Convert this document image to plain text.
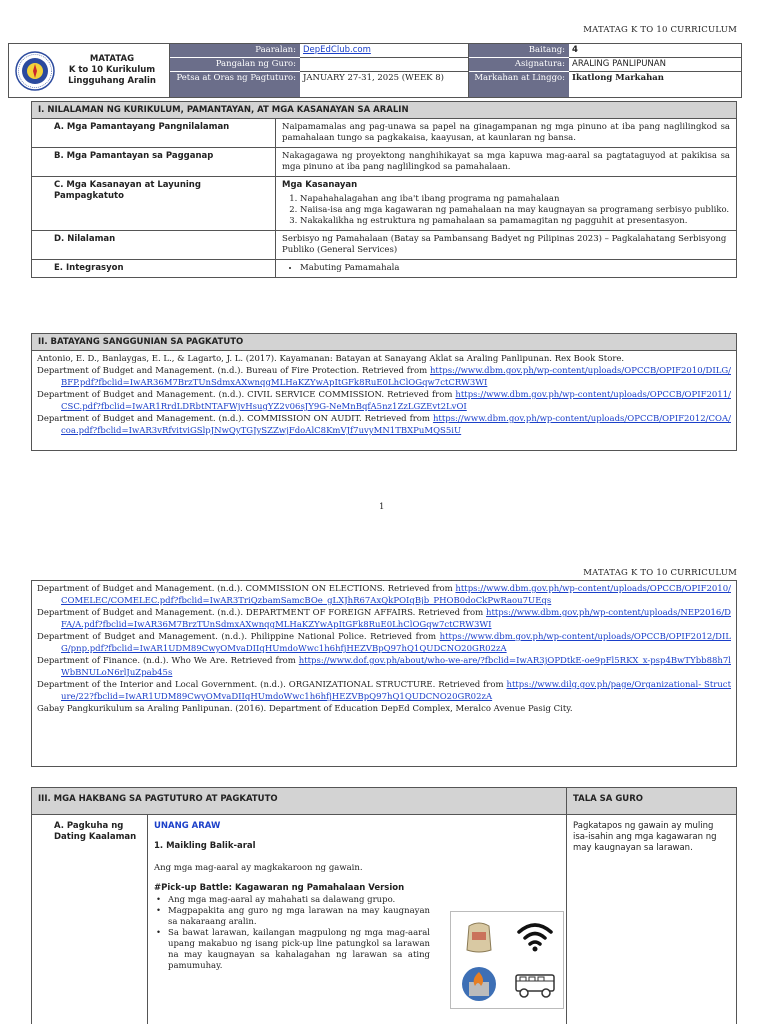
MATATAG K TO 10 CURRICULUM
MATATAG
K to 10 Kurikulum
Lingguhang Aralin
Paaralan: DepEdClub.com
Pangalan ng Guro:
Petsa at Oras ng Pagtuturo: JANUARY 27-31, 2025 (WEEK 8)
Baitang: 4
Asignatura: ARALING PANLIPUNAN
Markahan at Linggo: Ikatlong Markahan
I. NILALAMAN NG KURIKULUM, PAMANTAYAN, AT MGA KASANAYAN SA ARALIN
A. Mga Pamantayang Pangnilalaman	Naipamamalas ang pag-unawa sa papel na ginagampanan ng mga pinuno at iba pang naglilingkod sa pamahalaan tungo sa pagkakaisa, kaayusan, at kaunlaran ng bansa.
B. Mga Pamantayan sa Pagganap	Nakagagawa ng proyektong nanghihikayat sa mga kapuwa mag-aaral sa pagtataguyod at pakikisa sa mga pinuno at iba pang naglilingkod sa pamahalaan.
C. Mga Kasanayan at Layuning Pampagkatuto
Mga Kasanayan
1. Napahahalagahan ang iba't ibang programa ng pamahalaan
2. Naiisa-isa ang mga kagawaran ng pamahalaan na may kaugnayan sa programang serbisyo publiko.
3. Nakakalikha ng estruktura ng pamahalaan sa pamamagitan ng pagguhit at presentasyon.
D. Nilalaman	Serbisyo ng Pamahalaan (Batay sa Pambansang Badyet ng Pilipinas 2023) – Pagkalahatang Serbisyong Publiko (General Services)
E. Integrasyon
•	Mabuting Pamamahala
II. BATAYANG SANGGUNIAN SA PAGKATUTO
Antonio, E. D., Banlaygas, E. L., & Lagarto, J. L. (2017). Kayamanan: Batayan at Sanayang Aklat sa Araling Panlipunan. Rex Book Store.
Department of Budget and Management. (n.d.). Bureau of Fire Protection. Retrieved from https://www.dbm.gov.ph/wp-content/uploads/OPCCB/OPIF2010/DILG/BFP.pdf?fbclid=IwAR36M7BrzTUnSdmxAXwnqgMLHaKZYwApItGFk8RuE0LhClOGqw7ctCRW3WI
Department of Budget and Management. (n.d.). CIVIL SERVICE COMMISSION. Retrieved from https://www.dbm.gov.ph/wp-content/uploads/OPCCB/OPIF2011/CSC.pdf?fbclid=IwAR1RrdLDRbtNTAFWjvHsugYZ2v06sJY9G-NeMnBqfA5nz1ZzLGZEvt2LvOI
Department of Budget and Management. (n.d.). COMMISSION ON AUDIT. Retrieved from https://www.dbm.gov.ph/wp-content/uploads/OPCCB/OPIF2012/COA/coa.pdf?fbclid=IwAR3vRfvitviGSlpJNwQyTGJySZZwjFdoAlC8KmVJf7uvyMN1TBXPuMQS5iU
1
MATATAG K TO 10 CURRICULUM
Department of Budget and Management. (n.d.). COMMISSION ON ELECTIONS. Retrieved from https://www.dbm.gov.ph/wp-content/uploads/OPCCB/OPIF2010/COMELEC/COMELEC.pdf?fbclid=IwAR3TriQzbamSamcBOe_gLXJhR67AxQkPOIqBjb_PHOB0doCkPwRaou7UEqs
Department of Budget and Management. (n.d.). DEPARTMENT OF FOREIGN AFFAIRS. Retrieved from https://www.dbm.gov.ph/wp-content/uploads/NEP2016/DFA/A.pdf?fbclid=IwAR36M7BrzTUnSdmxAXwnqgMLHaKZYwApItGFk8RuE0LhClOGqw7ctCRW3WI
Department of Budget and Management. (n.d.). Philippine National Police. Retrieved from https://www.dbm.gov.ph/wp-content/uploads/OPCCB/OPIF2012/DILG/pnp.pdf?fbclid=IwAR1UDM89CwyOMvaDIIqHUmdoWwc1h6hfjHEZVBpQ97hQ1QUDCNO20GR02zA
Department of Finance. (n.d.). Who We Are. Retrieved from https://www.dof.gov.ph/about/who-we-are/?fbclid=IwAR3jOPDtkE-oe9pFl5RKX_x-psp4BwTYbb88h7lWbBNULoN6rlJuZpab45s
Department of the Interior and Local Government. (n.d.). ORGANIZATIONAL STRUCTURE. Retrieved from https://www.dilg.gov.ph/page/Organizational- Structure/22?fbclid=IwAR1UDM89CwyOMvaDIIqHUmdoWwc1h6hfjHEZVBpQ97hQ1QUDCNO20GR02zA
Gabay Pangkurikulum sa Araling Panlipunan. (2016). Department of Education DepEd Complex, Meralco Avenue Pasig City.
III. MGA HAKBANG SA PAGTUTURO AT PAGKATUTO	TALA SA GURO
A. Pagkuha ng Dating Kaalaman
UNANG ARAW
1. Maikling Balik-aral
Ang mga mag-aaral ay magkakaroon ng gawain.
#Pick-up Battle: Kagawaran ng Pamahalaan Version
• Ang mga mag-aaral ay mahahati sa dalawang grupo.
• Magpapakita ang guro ng mga larawan na may kaugnayan sa nakaraang aralin.
• Sa bawat larawan, kailangan magpulong ng mga mag-aaral upang makabuo ng isang pick-up line patungkol sa larawan na may kaugnayan sa kahalagahan ng larawan sa ating pamumuhay.
Pagkatapos ng gawain ay muling isa-isahin ang mga kagawaran ng may kaugnayan sa larawan.
